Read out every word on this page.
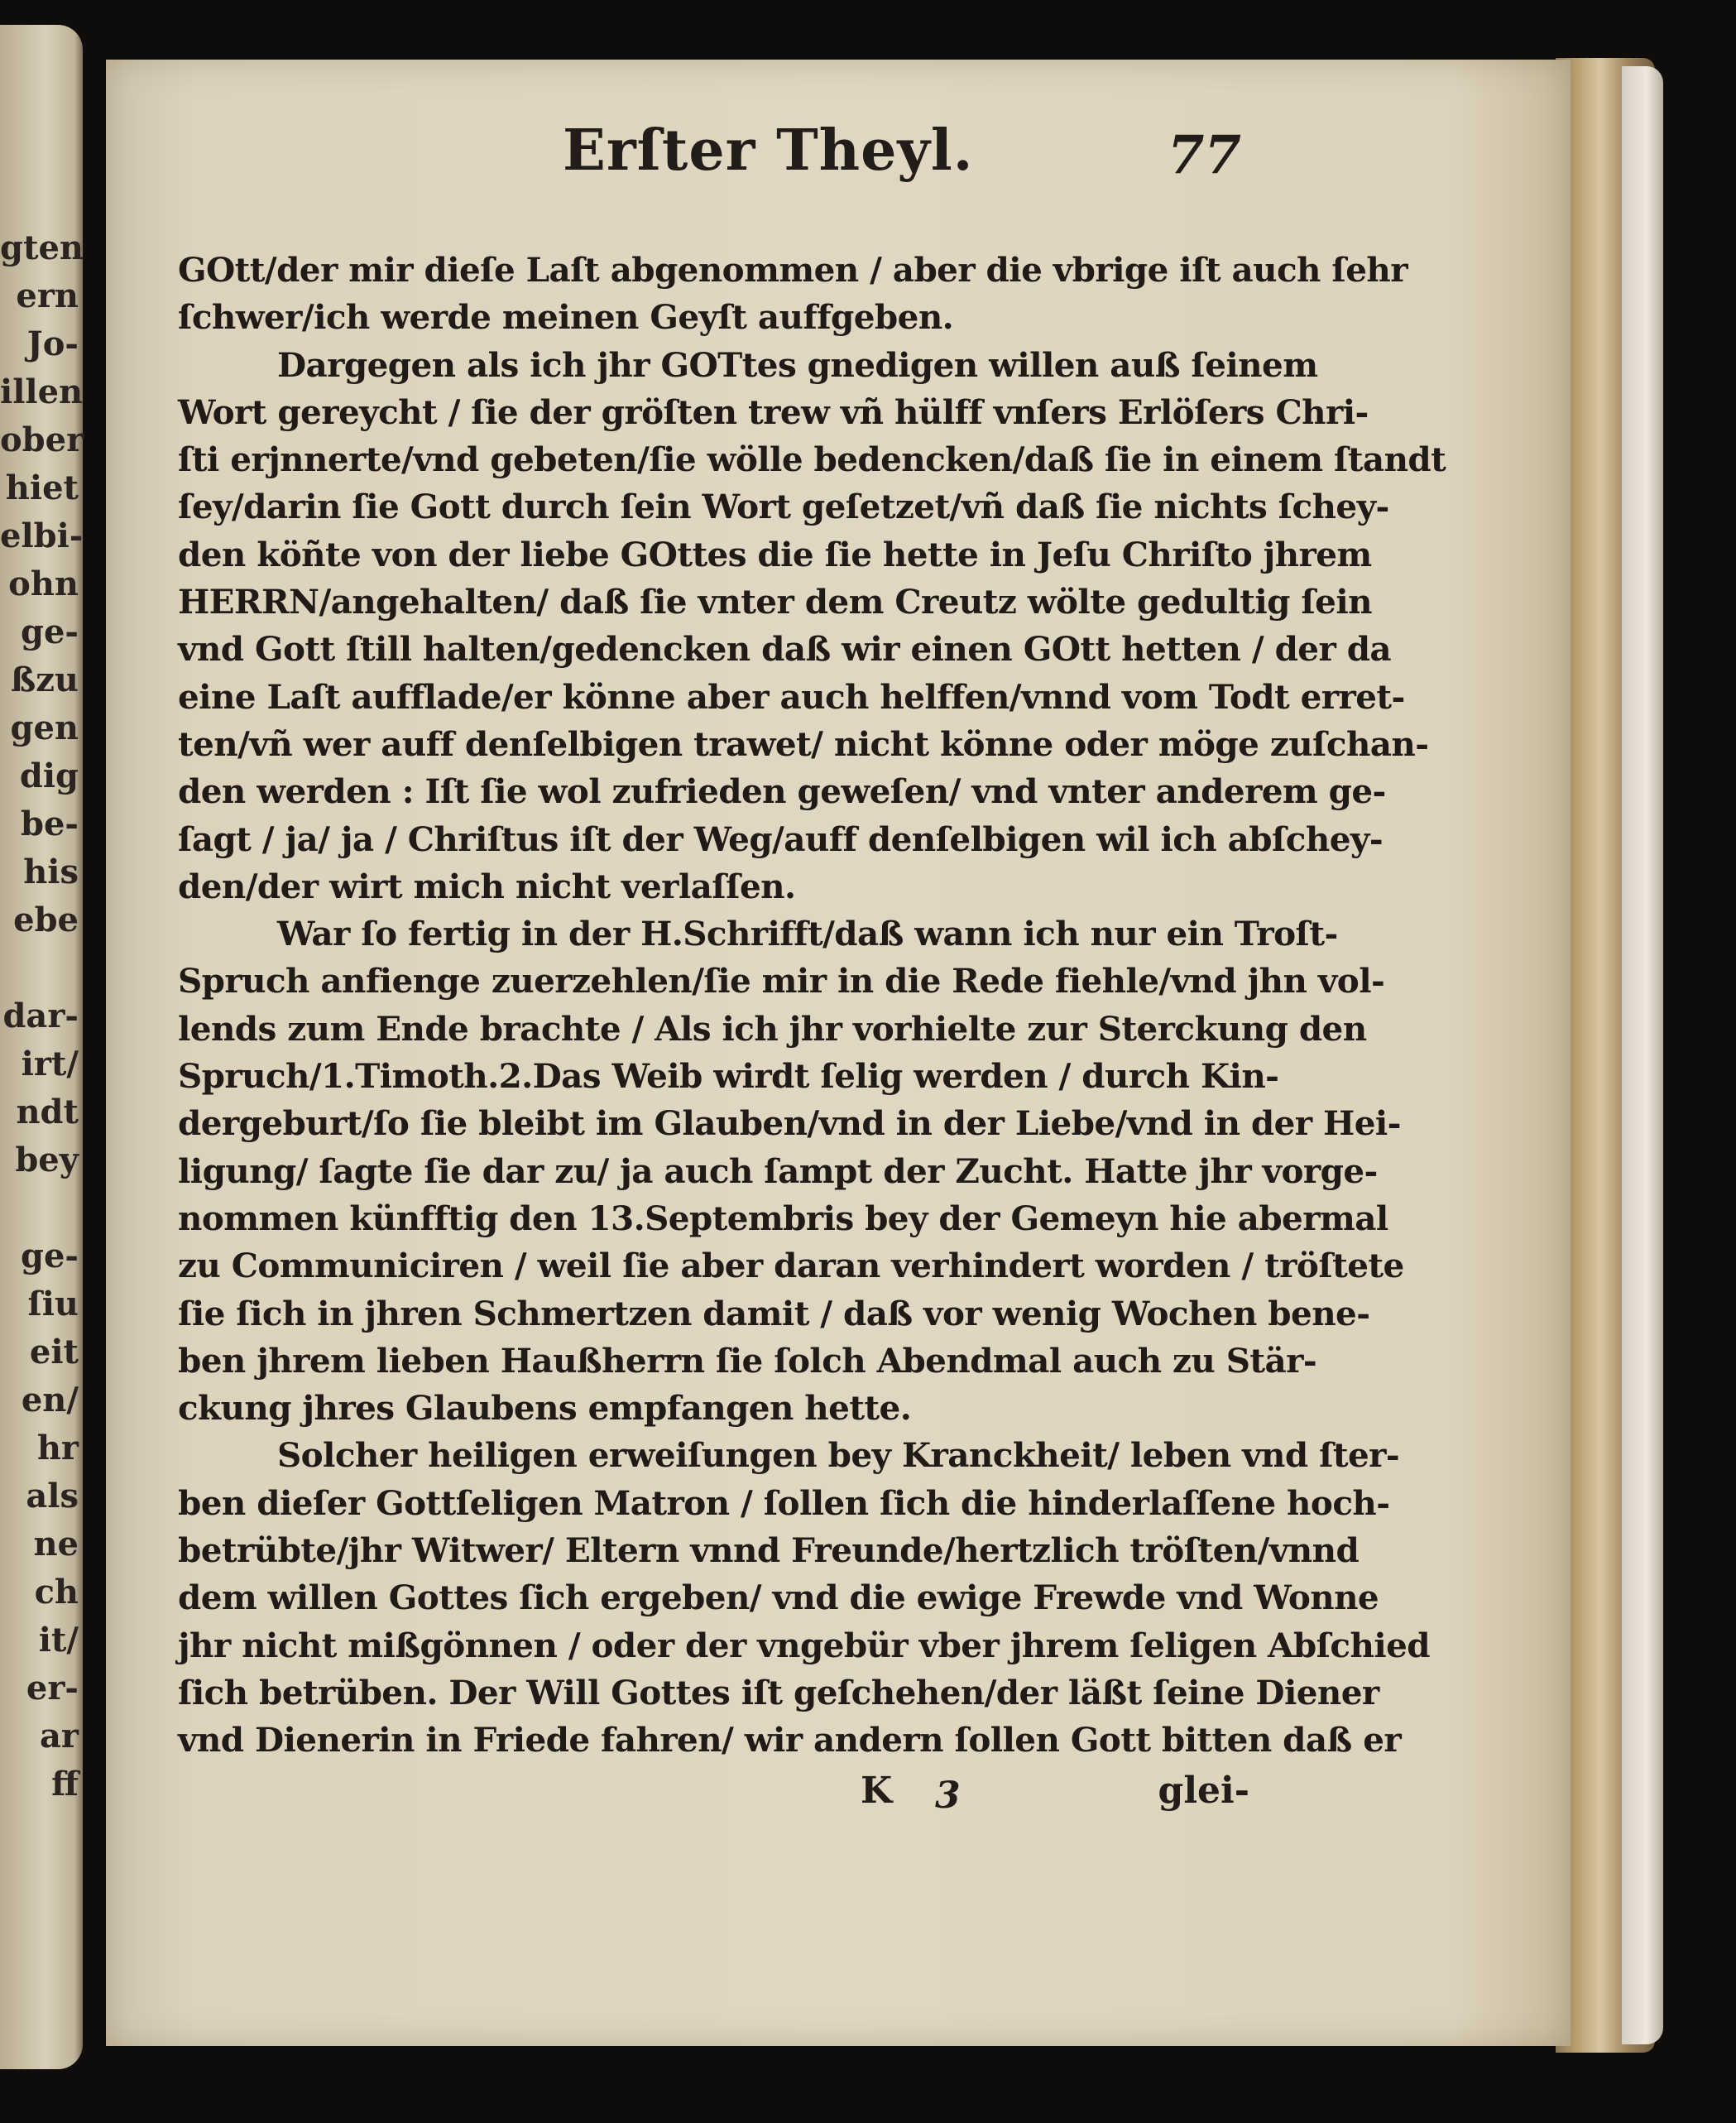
gten
ern
Jo-
illen
ober
hiet
elbi-
ohn
ge-
ßzu
gen
dig
be-
his
ebe
dar-
irt/
ndt
bey
ge-
ſiu
eit
en/
hr
als
ne
ch
it/
er-
ar
ff
Erſter Theyl.	77
GOtt/der mir dieſe Laſt abgenommen / aber die vbrige iſt auch ſehr
ſchwer/ich werde meinen Geyſt auffgeben.
Dargegen als ich jhr GOTtes gnedigen willen auß ſeinem
Wort gereycht / ſie der gröſten trew vñ hülff vnſers Erlöſers Chri-
ſti erjnnerte/vnd gebeten/ſie wölle bedencken/daß ſie in einem ſtandt
ſey/darin ſie Gott durch ſein Wort geſetzet/vñ daß ſie nichts ſchey-
den köñte von der liebe GOttes die ſie hette in Jeſu Chriſto jhrem
HERRN/angehalten/ daß ſie vnter dem Creutz wölte gedultig ſein
vnd Gott ſtill halten/gedencken daß wir einen GOtt hetten / der da
eine Laſt aufflade/er könne aber auch helffen/vnnd vom Todt erret-
ten/vñ wer auff denſelbigen trawet/ nicht könne oder möge zuſchan-
den werden : Iſt ſie wol zufrieden geweſen/ vnd vnter anderem ge-
ſagt / ja/ ja / Chriſtus iſt der Weg/auff denſelbigen wil ich abſchey-
den/der wirt mich nicht verlaſſen.
War ſo fertig in der H.Schrifft/daß wann ich nur ein Troſt-
Spruch anfienge zuerzehlen/ſie mir in die Rede fiehle/vnd jhn vol-
lends zum Ende brachte / Als ich jhr vorhielte zur Sterckung den
Spruch/1.Timoth.2.Das Weib wirdt ſelig werden / durch Kin-
dergeburt/ſo ſie bleibt im Glauben/vnd in der Liebe/vnd in der Hei-
ligung/ ſagte ſie dar zu/ ja auch ſampt der Zucht. Hatte jhr vorge-
nommen künfftig den 13.Septembris bey der Gemeyn hie abermal
zu Communiciren / weil ſie aber daran verhindert worden / tröſtete
ſie ſich in jhren Schmertzen damit / daß vor wenig Wochen bene-
ben jhrem lieben Haußherrn ſie ſolch Abendmal auch zu Stär-
ckung jhres Glaubens empfangen hette.
Solcher heiligen erweiſungen bey Kranckheit/ leben vnd ſter-
ben dieſer Gottſeligen Matron / ſollen ſich die hinderlaſſene hoch-
betrübte/jhr Witwer/ Eltern vnnd Freunde/hertzlich tröſten/vnnd
dem willen Gottes ſich ergeben/ vnd die ewige Frewde vnd Wonne
jhr nicht mißgönnen / oder der vngebür vber jhrem ſeligen Abſchied
ſich betrüben. Der Will Gottes iſt geſchehen/der läßt ſeine Diener
vnd Dienerin in Friede fahren/ wir andern ſollen Gott bitten daß er
K 3	glei-
